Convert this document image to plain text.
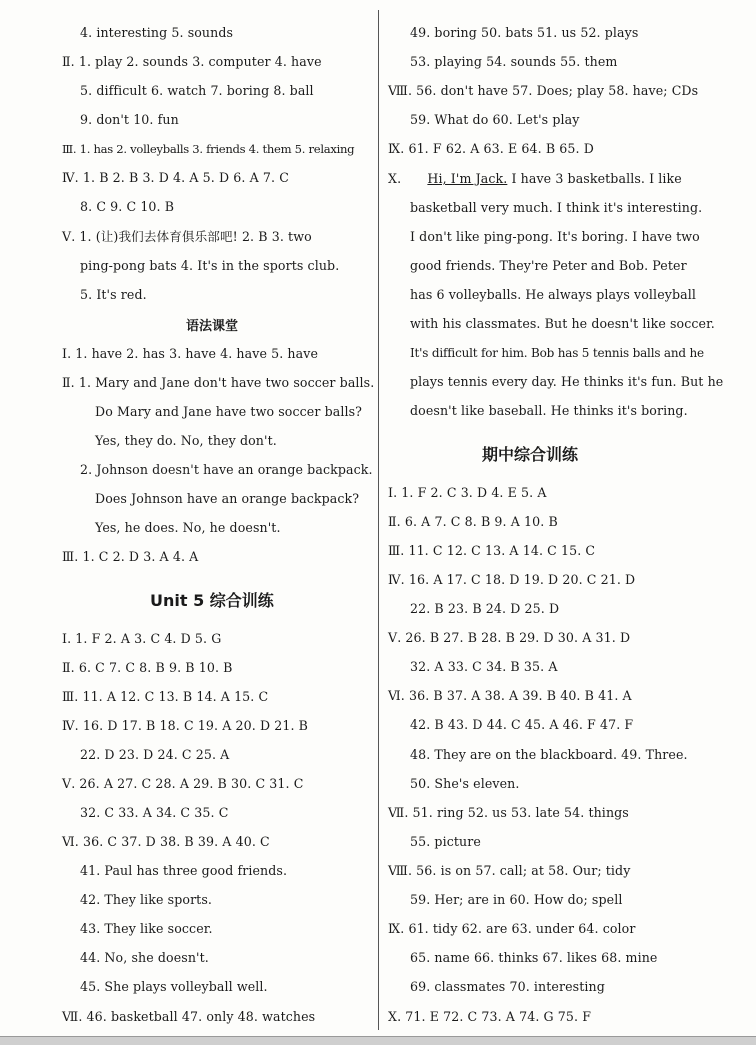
4. interesting 5. sounds
Ⅱ. 1. play 2. sounds 3. computer 4. have
5. difficult 6. watch 7. boring 8. ball
9. don't 10. fun
Ⅲ. 1. has 2. volleyballs 3. friends 4. them 5. relaxing
Ⅳ. 1. B 2. B 3. D 4. A 5. D 6. A 7. C
8. C 9. C 10. B
Ⅴ. 1. (让)我们去体育俱乐部吧! 2. B 3. two
ping-pong bats 4. It's in the sports club.
5. It's red.
语法课堂
Ⅰ. 1. have 2. has 3. have 4. have 5. have
Ⅱ. 1. Mary and Jane don't have two soccer balls.
Do Mary and Jane have two soccer balls?
Yes, they do. No, they don't.
2. Johnson doesn't have an orange backpack.
Does Johnson have an orange backpack?
Yes, he does. No, he doesn't.
Ⅲ. 1. C 2. D 3. A 4. A
Unit 5 综合训练
Ⅰ. 1. F 2. A 3. C 4. D 5. G
Ⅱ. 6. C 7. C 8. B 9. B 10. B
Ⅲ. 11. A 12. C 13. B 14. A 15. C
Ⅳ. 16. D 17. B 18. C 19. A 20. D 21. B
22. D 23. D 24. C 25. A
Ⅴ. 26. A 27. C 28. A 29. B 30. C 31. C
32. C 33. A 34. C 35. C
Ⅵ. 36. C 37. D 38. B 39. A 40. C
41. Paul has three good friends.
42. They like sports.
43. They like soccer.
44. No, she doesn't.
45. She plays volleyball well.
Ⅶ. 46. basketball 47. only 48. watches
49. boring 50. bats 51. us 52. plays
53. playing 54. sounds 55. them
Ⅷ. 56. don't have 57. Does; play 58. have; CDs
59. What do 60. Let's play
Ⅸ. 61. F 62. A 63. E 64. B 65. D
Ⅹ. Hi, I'm Jack. I have 3 basketballs. I like
basketball very much. I think it's interesting.
I don't like ping-pong. It's boring. I have two
good friends. They're Peter and Bob. Peter
has 6 volleyballs. He always plays volleyball
with his classmates. But he doesn't like soccer.
It's difficult for him. Bob has 5 tennis balls and he
plays tennis every day. He thinks it's fun. But he
doesn't like baseball. He thinks it's boring.
期中综合训练
Ⅰ. 1. F 2. C 3. D 4. E 5. A
Ⅱ. 6. A 7. C 8. B 9. A 10. B
Ⅲ. 11. C 12. C 13. A 14. C 15. C
Ⅳ. 16. A 17. C 18. D 19. D 20. C 21. D
22. B 23. B 24. D 25. D
Ⅴ. 26. B 27. B 28. B 29. D 30. A 31. D
32. A 33. C 34. B 35. A
Ⅵ. 36. B 37. A 38. A 39. B 40. B 41. A
42. B 43. D 44. C 45. A 46. F 47. F
48. They are on the blackboard. 49. Three.
50. She's eleven.
Ⅶ. 51. ring 52. us 53. late 54. things
55. picture
Ⅷ. 56. is on 57. call; at 58. Our; tidy
59. Her; are in 60. How do; spell
Ⅸ. 61. tidy 62. are 63. under 64. color
65. name 66. thinks 67. likes 68. mine
69. classmates 70. interesting
Ⅹ. 71. E 72. C 73. A 74. G 75. F
